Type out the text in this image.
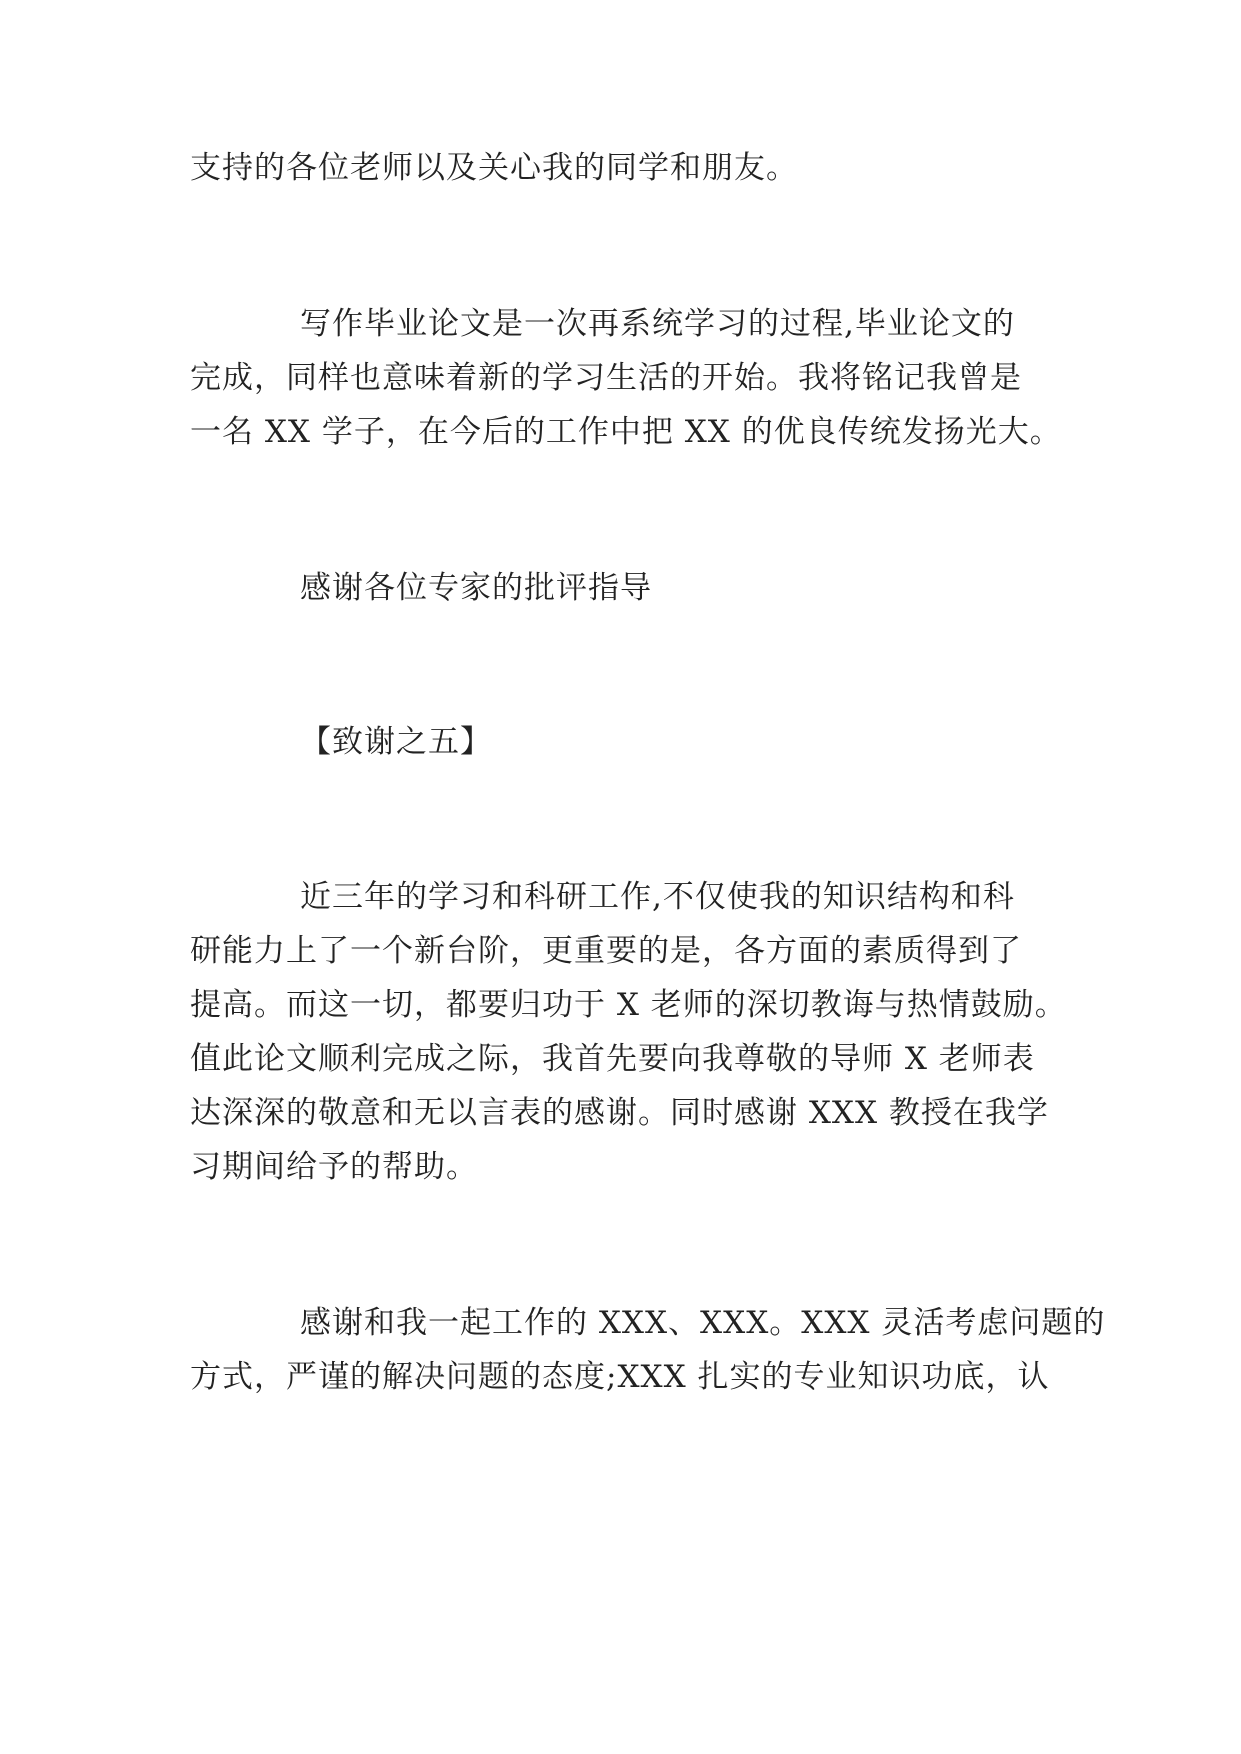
支持的各位老师以及关心我的同学和朋友。
写作毕业论文是一次再系统学习的过程,毕业论文的
完成，同样也意味着新的学习生活的开始。我将铭记我曾是
一名 XX 学子，在今后的工作中把 XX 的优良传统发扬光大。
感谢各位专家的批评指导
【致谢之五】
近三年的学习和科研工作,不仅使我的知识结构和科
研能力上了一个新台阶，更重要的是，各方面的素质得到了
提高。而这一切，都要归功于 X 老师的深切教诲与热情鼓励。
值此论文顺利完成之际，我首先要向我尊敬的导师 X 老师表
达深深的敬意和无以言表的感谢。同时感谢 XXX 教授在我学
习期间给予的帮助。
感谢和我一起工作的 XXX、XXX。XXX 灵活考虑问题的
方式，严谨的解决问题的态度;XXX 扎实的专业知识功底，认
